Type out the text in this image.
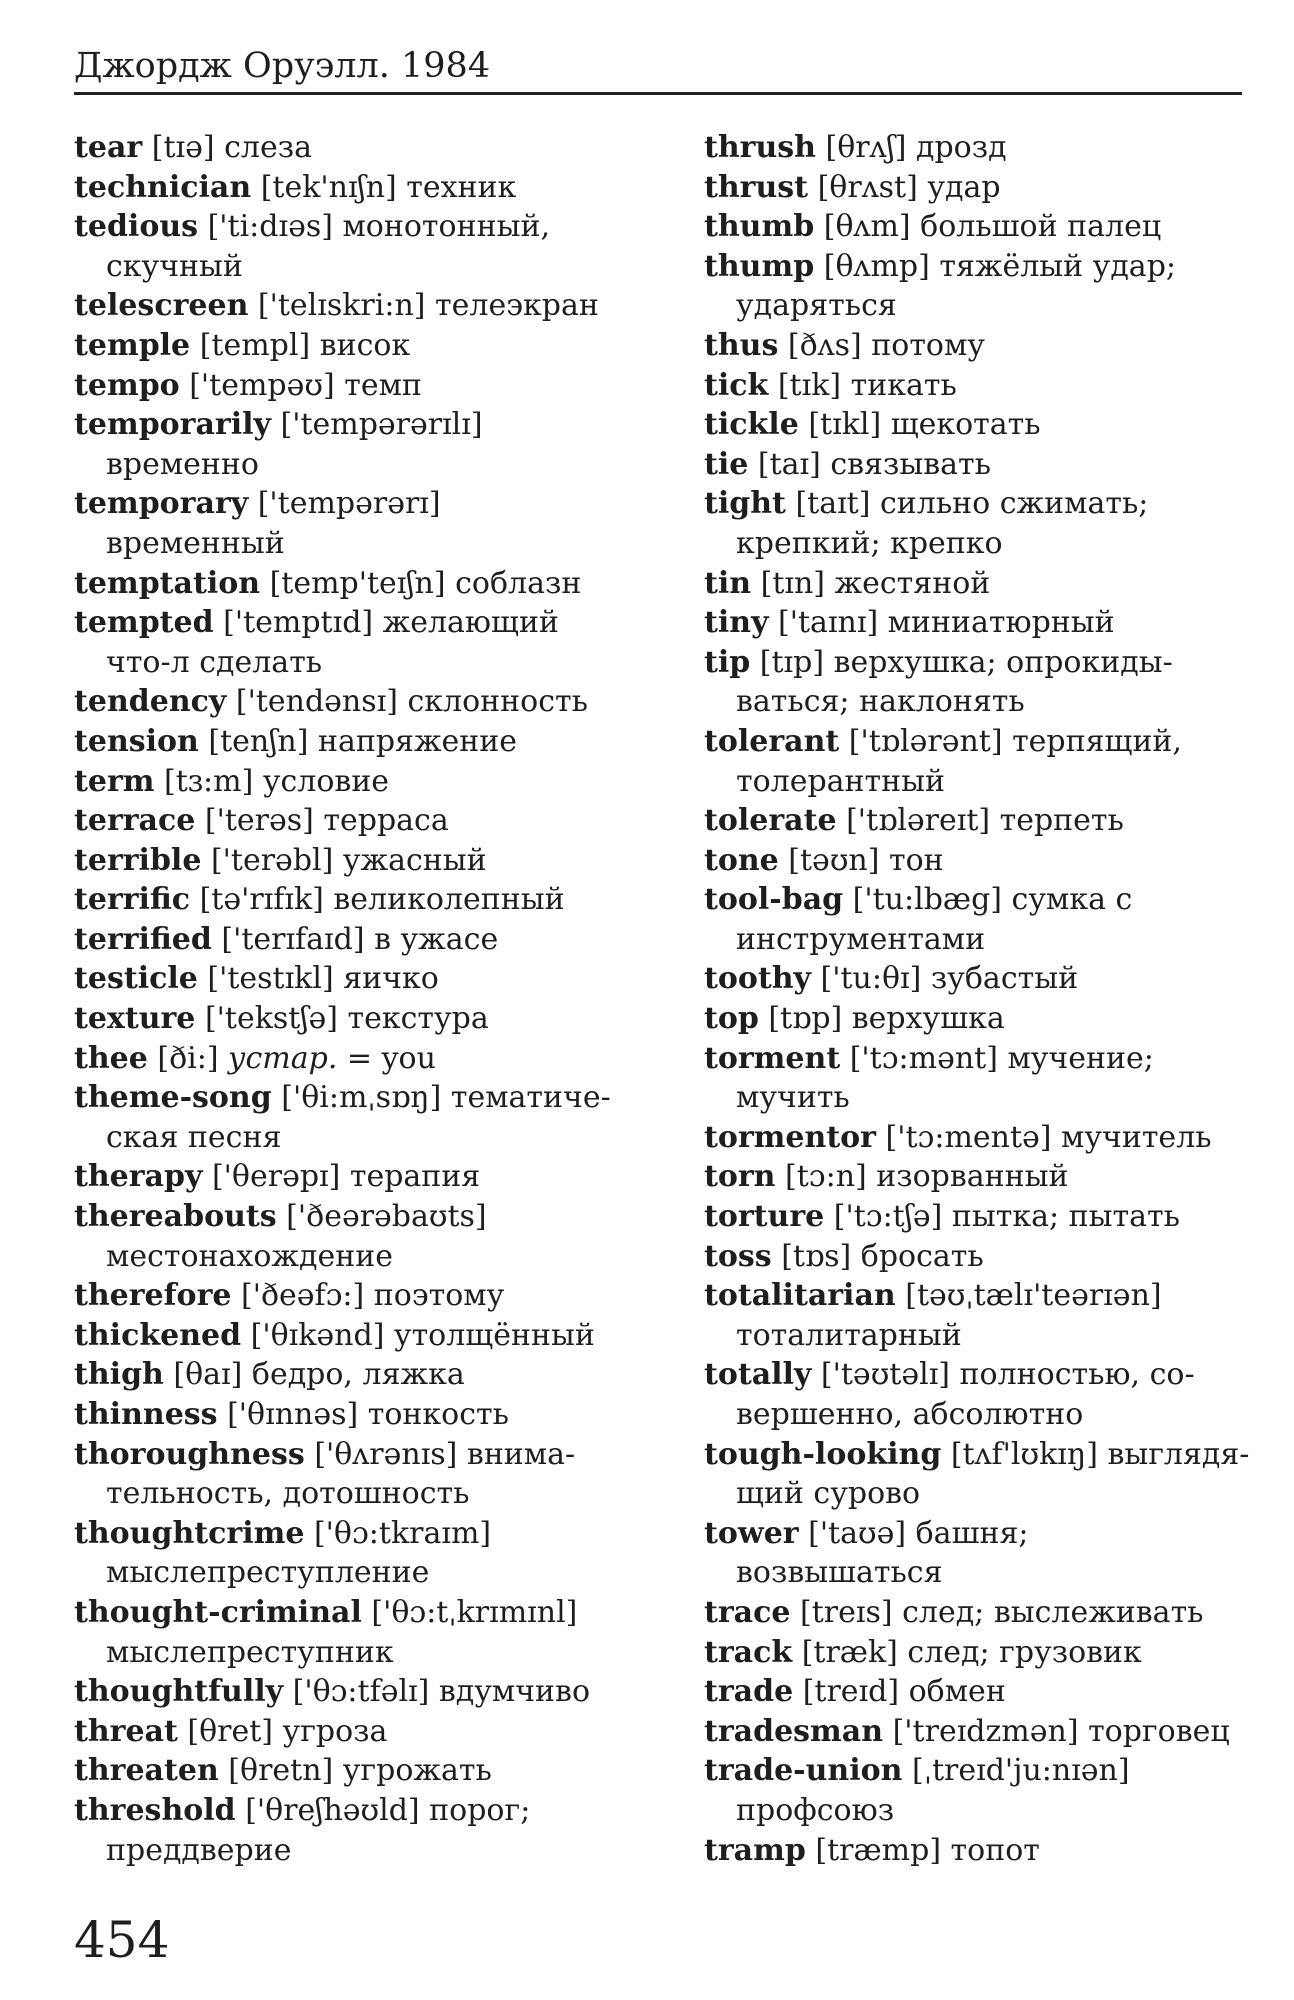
Джордж Оруэлл. 1984
tear [tɪə] слеза
technician [tek'nɪʃn] техник
tedious ['ti:dɪəs] монотонный,
скучный
telescreen ['telɪskri:n] телеэкран
temple [templ] висок
tempo ['tempəʊ] темп
temporarily ['tempərərɪlɪ]
временно
temporary ['tempərərɪ]
временный
temptation [temp'teɪʃn] соблазн
tempted ['temptɪd] желающий
что-л сделать
tendency ['tendənsɪ] склонность
tension [tenʃn] напряжение
term [tɜ:m] условие
terrace ['terəs] терраса
terrible ['terəbl] ужасный
terrific [tə'rɪfɪk] великолепный
terrified ['terɪfaɪd] в ужасе
testicle ['testɪkl] яичко
texture ['tekstʃə] текстура
thee [ði:] устар. = you
theme-song ['θi:mˌsɒŋ] тематиче-
ская песня
therapy ['θerəpɪ] терапия
thereabouts ['ðeərəbaʊts]
местонахождение
therefore ['ðeəfɔ:] поэтому
thickened ['θɪkənd] утолщённый
thigh [θaɪ] бедро, ляжка
thinness ['θɪnnəs] тонкость
thoroughness ['θʌrənɪs] внима-
тельность, дотошность
thoughtcrime ['θɔ:tkraɪm]
мыслепреступление
thought-criminal ['θɔ:tˌkrɪmɪnl]
мыслепреступник
thoughtfully ['θɔ:tfəlɪ] вдумчиво
threat [θret] угроза
threaten [θretn] угрожать
threshold ['θreʃhəʊld] порог;
преддверие
thrush [θrʌʃ] дрозд
thrust [θrʌst] удар
thumb [θʌm] большой палец
thump [θʌmp] тяжёлый удар;
ударяться
thus [ðʌs] потому
tick [tɪk] тикать
tickle [tɪkl] щекотать
tie [taɪ] связывать
tight [taɪt] сильно сжимать;
крепкий; крепко
tin [tɪn] жестяной
tiny ['taɪnɪ] миниатюрный
tip [tɪp] верхушка; опрокиды-
ваться; наклонять
tolerant ['tɒlərənt] терпящий,
толерантный
tolerate ['tɒləreɪt] терпеть
tone [təʊn] тон
tool-bag ['tu:lbæg] сумка с
инструментами
toothy ['tu:θɪ] зубастый
top [tɒp] верхушка
torment ['tɔ:mənt] мучение;
мучить
tormentor ['tɔ:mentə] мучитель
torn [tɔ:n] изорванный
torture ['tɔ:tʃə] пытка; пытать
toss [tɒs] бросать
totalitarian [təʊˌtælɪ'teərɪən]
тоталитарный
totally ['təʊtəlɪ] полностью, со-
вершенно, абсолютно
tough-looking [tʌf'lʊkɪŋ] выглядя-
щий сурово
tower ['taʊə] башня;
возвышаться
trace [treɪs] след; выслеживать
track [træk] след; грузовик
trade [treɪd] обмен
tradesman ['treɪdzmən] торговец
trade-union [ˌtreɪd'ju:nɪən]
профсоюз
tramp [træmp] топот
454
